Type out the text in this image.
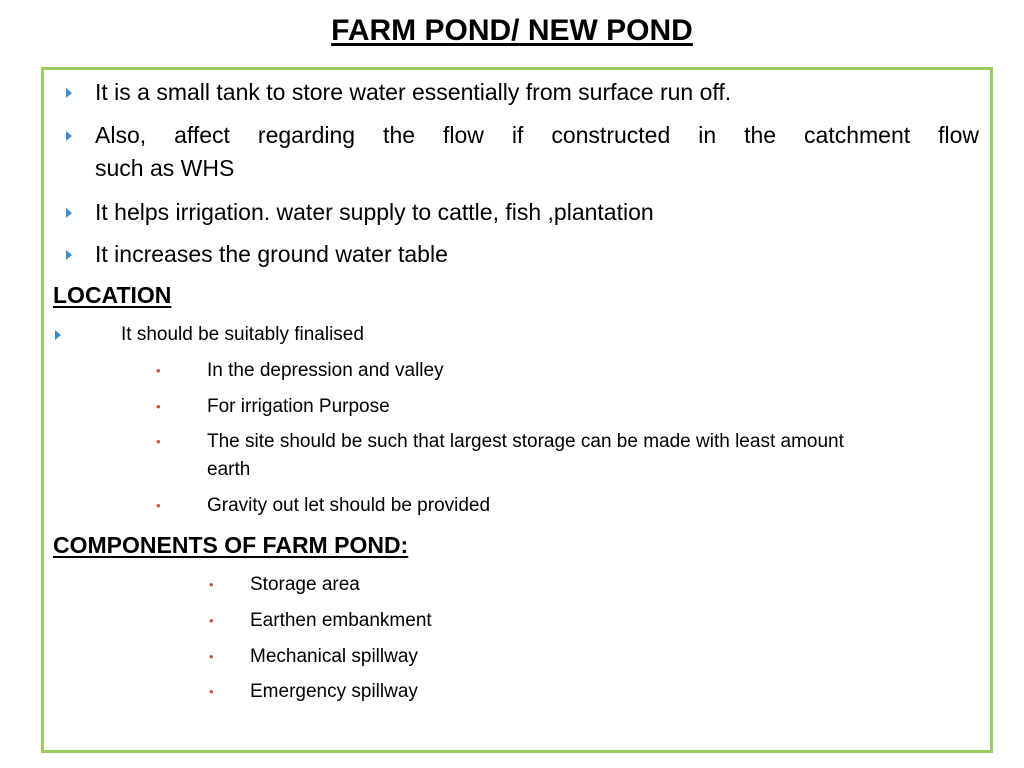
FARM POND/ NEW POND
It is a small tank to store water essentially from surface run off.
Also, affect regarding the flow if constructed in the catchment flow
such as WHS
It helps irrigation. water supply to cattle, fish ,plantation
It increases the ground water table
LOCATION
It should be suitably finalised
• In the depression and valley
• For irrigation Purpose
• The site should be such that largest storage can be made with least amount
earth
• Gravity out let should be provided
COMPONENTS OF FARM POND:
• Storage area
• Earthen embankment
• Mechanical spillway
• Emergency spillway
